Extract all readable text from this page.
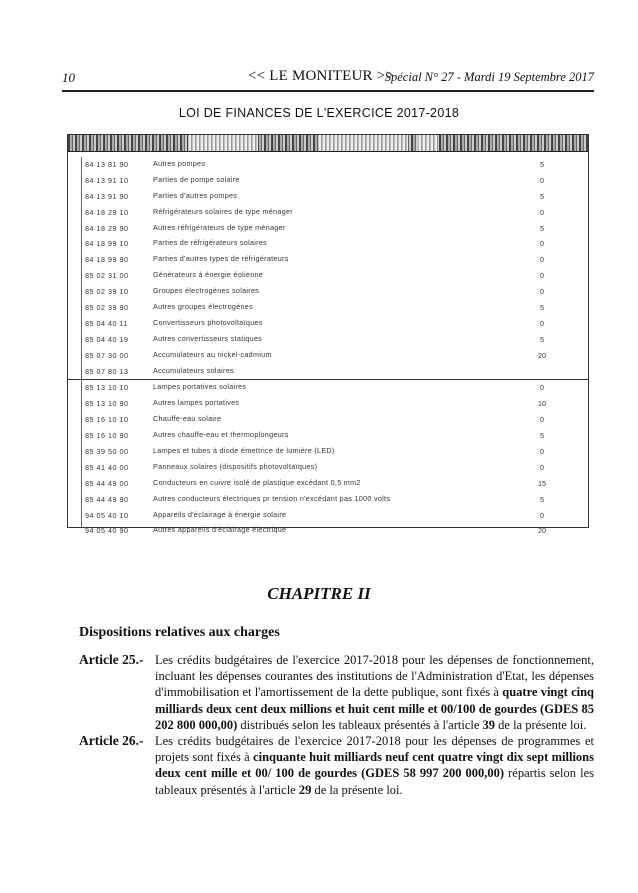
10	<< LE MONITEUR >>
Spécial N° 27 - Mardi 19 Septembre 2017
LOI DE FINANCES DE L'EXERCICE 2017-2018
84 13 81 90	Autres pompes	5
84 13 91 10	Parties de pompe solaire	0
84 13 91 90	Parties d'autres pompes	5
84 18 29 10	Réfrigérateurs solaires de type ménager	0
84 18 29 90	Autres réfrigérateurs de type ménager	5
84 18 99 10	Parties de réfrigérateurs solaires	0
84 18 99 90	Parties d'autres types de réfrigérateurs	0
85 02 31 00	Générateurs à énergie éolienne	0
85 02 39 10	Groupes électrogènes solaires	0
85 02 39 90	Autres groupes électrogènes	5
85 04 40 11	Convertisseurs photovoltaïques	0
85 04 40 19	Autres convertisseurs statiques	5
85 07 30 00	Accumulateurs au nickel-cadmium	20
85 07 80 13	Accumulateurs solaires
85 13 10 10	Lampes portatives solaires	0
85 13 10 90	Autres lampes portatives	10
85 16 10 10	Chauffe-eau solaire	0
85 16 10 90	Autres chauffe-eau et thermoplongeurs	5
85 39 50 00	Lampes et tubes à diode émettrice de lumière (LED)	0
85 41 40 00	Panneaux solaires (dispositifs photovoltaïques)	0
85 44 49 00	Conducteurs en cuivre isolé de plastique excédant 0,5 mm2	15
85 44 49 90	Autres conducteurs électriques pr tension n'excédant pas 1000 volts	5
94 05 40 10	Appareils d'éclairage à énergie solaire	0
94 05 40 90	Autres appareils d'éclairage électrique	20
CHAPITRE II
Dispositions relatives aux charges
Article 25.- Les crédits budgétaires de l'exercice 2017-2018 pour les dépenses de fonctionnement, incluant les dépenses courantes des institutions de l'Administration d'Etat, les dépenses d'immobilisation et l'amortissement de la dette publique, sont fixés à quatre vingt cinq milliards deux cent deux millions et huit cent mille et 00/100 de gourdes (GDES 85 202 800 000,00) distribués selon les tableaux présentés à l'article 39 de la présente loi.
Article 26.- Les crédits budgétaires de l'exercice 2017-2018 pour les dépenses de programmes et projets sont fixés à cinquante huit milliards neuf cent quatre vingt dix sept millions deux cent mille et 00/ 100 de gourdes (GDES 58 997 200 000,00) répartis selon les tableaux présentés à l'article 29 de la présente loi.
